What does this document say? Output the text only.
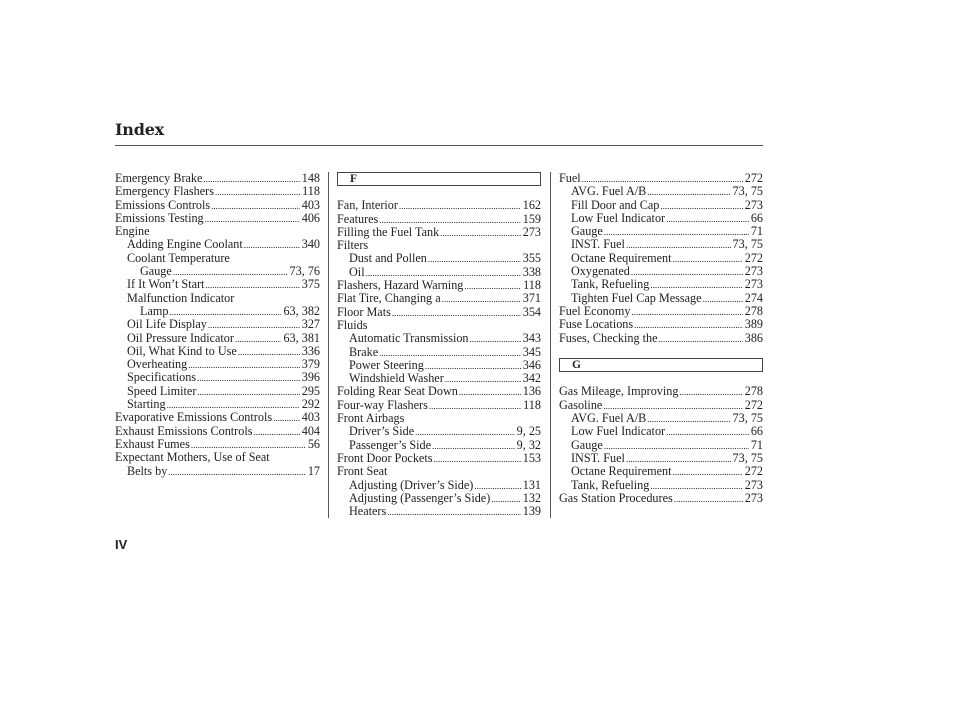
Index
Emergency Brake .....	148
Emergency Flashers .....	118
Emissions Controls .....	403
Emissions Testing .....	406
Engine
Adding Engine Coolant .....	340
Coolant Temperature
Gauge .....	73, 76
If It Won’t Start .....	375
Malfunction Indicator
Lamp .....	63, 382
Oil Life Display .....	327
Oil Pressure Indicator .....	63, 381
Oil, What Kind to Use .....	336
Overheating .....	379
Specifications .....	396
Speed Limiter .....	295
Starting .....	292
Evaporative Emissions Controls ..... 403
Exhaust Emissions Controls .....	404
Exhaust Fumes .....	56
Expectant Mothers, Use of Seat
Belts by .....	17
F
Fan, Interior .....	162
Features .....	159
Filling the Fuel Tank .....	273
Filters
Dust and Pollen .....	355
Oil .....	338
Flashers, Hazard Warning .....	118
Flat Tire, Changing a .....	371
Floor Mats .....	354
Fluids
Automatic Transmission .....	343
Brake .....	345
Power Steering .....	346
Windshield Washer .....	342
Folding Rear Seat Down .....	136
Four-way Flashers .....	118
Front Airbags
Driver’s Side .....	9, 25
Passenger’s Side .....	9, 32
Front Door Pockets .....	153
Front Seat
Adjusting (Driver’s Side) .....	131
Adjusting (Passenger’s Side) .....	132
Heaters .....	139
Fuel .....	272
AVG. Fuel A/B .....	73, 75
Fill Door and Cap .....	273
Low Fuel Indicator .....	66
Gauge .....	71
INST. Fuel .....	73, 75
Octane Requirement .....	272
Oxygenated .....	273
Tank, Refueling .....	273
Tighten Fuel Cap Message .....	274
Fuel Economy .....	278
Fuse Locations .....	389
Fuses, Checking the .....	386
G
Gas Mileage, Improving .....	278
Gasoline .....	272
AVG. Fuel A/B .....	73, 75
Low Fuel Indicator .....	66
Gauge .....	71
INST. Fuel .....	73, 75
Octane Requirement .....	272
Tank, Refueling .....	273
Gas Station Procedures .....	273
IV
